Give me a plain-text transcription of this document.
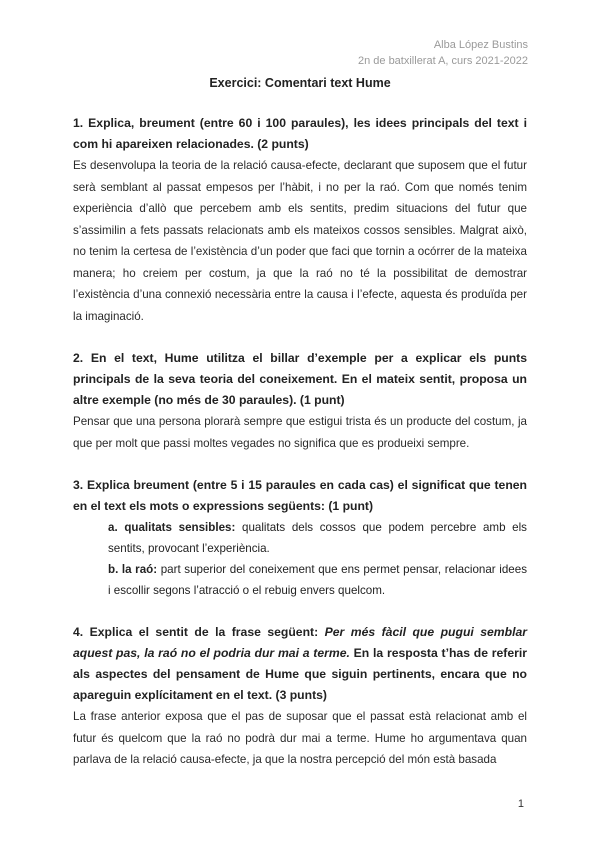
Alba López Bustins
2n de batxillerat A, curs 2021-2022
Exercici: Comentari text Hume

1. Explica, breument (entre 60 i 100 paraules), les idees principals del text i com hi apareixen relacionades. (2 punts)

Es desenvolupa la teoria de la relació causa-efecte, declarant que suposem que el futur serà semblant al passat empesos per l’hàbit, i no per la raó. Com que només tenim experiència d’allò que percebem amb els sentits, predim situacions del futur que s’assimilin a fets passats relacionats amb els mateixos cossos sensibles. Malgrat això, no tenim la certesa de l’existència d’un poder que faci que tornin a ocórrer de la mateixa manera; ho creiem per costum, ja que la raó no té la possibilitat de demostrar l’existència d’una connexió necessària entre la causa i l’efecte, aquesta és produïda per la imaginació.

2. En el text, Hume utilitza el billar d’exemple per a explicar els punts principals de la seva teoria del coneixement. En el mateix sentit, proposa un altre exemple (no més de 30 paraules). (1 punt)

Pensar que una persona plorarà sempre que estigui trista és un producte del costum, ja que per molt que passi moltes vegades no significa que es produeixi sempre.

3. Explica breument (entre 5 i 15 paraules en cada cas) el significat que tenen en el text els mots o expressions següents: (1 punt)

a. qualitats sensibles: qualitats dels cossos que podem percebre amb els sentits, provocant l’experiència.

b. la raó: part superior del coneixement que ens permet pensar, relacionar idees i escollir segons l’atracció o el rebuig envers quelcom.

4. Explica el sentit de la frase següent: Per més fàcil que pugui semblar aquest pas, la raó no el podria dur mai a terme. En la resposta t’has de referir als aspectes del pensament de Hume que siguin pertinents, encara que no apareguin explícitament en el text. (3 punts)

La frase anterior exposa que el pas de suposar que el passat està relacionat amb el futur és quelcom que la raó no podrà dur mai a terme. Hume ho argumentava quan parlava de la relació causa-efecte, ja que la nostra percepció del món està basada

1
